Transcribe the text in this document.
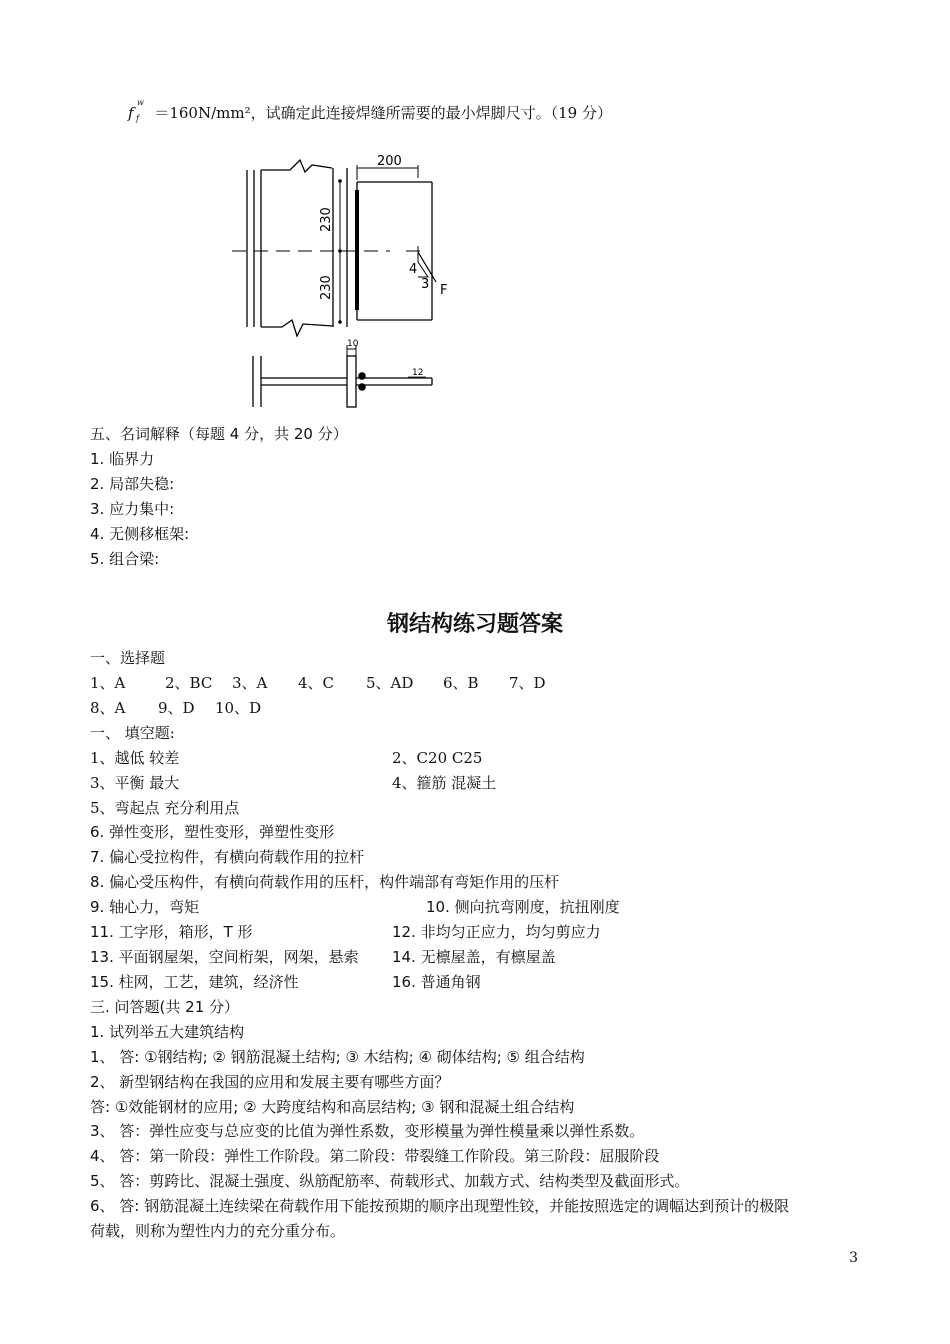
f
w
f ＝160N/mm²，试确定此连接焊缝所需要的最小焊脚尺寸。（19 分）
200
230
230
4
3 F
10
12
五、名词解释（每题 4 分，共 20 分）
1. 临界力
2. 局部失稳:
3. 应力集中:
4. 无侧移框架:
5. 组合梁:
钢结构练习题答案
一、选择题
1、A	2、BC 3、A 4、C 5、AD 6、B 7、D
8、A 9、D 10、D
一、 填空题:
1、越低 较差	2、C20 C25
3、平衡 最大	4、箍筋 混凝土
5、弯起点 充分利用点
6. 弹性变形，塑性变形，弹塑性变形
7. 偏心受拉构件，有横向荷载作用的拉杆
8. 偏心受压构件，有横向荷载作用的压杆，构件端部有弯矩作用的压杆
9. 轴心力，弯矩	10. 侧向抗弯刚度，抗扭刚度
11. 工字形，箱形，T 形	12. 非均匀正应力，均匀剪应力
13. 平面钢屋架，空间桁架，网架，悬索 14. 无檩屋盖，有檩屋盖
15. 柱网，工艺，建筑，经济性	16. 普通角钢
三. 问答题(共 21 分）
1. 试列举五大建筑结构
1、 答: ①钢结构; ② 钢筋混凝土结构; ③ 木结构; ④ 砌体结构; ⑤ 组合结构
2、 新型钢结构在我国的应用和发展主要有哪些方面？
答: ①效能钢材的应用; ② 大跨度结构和高层结构; ③ 钢和混凝土组合结构
3、 答：弹性应变与总应变的比值为弹性系数，变形模量为弹性模量乘以弹性系数。
4、 答：第一阶段：弹性工作阶段。第二阶段：带裂缝工作阶段。第三阶段：屈服阶段
5、 答：剪跨比、混凝土强度、纵筋配筋率、荷载形式、加载方式、结构类型及截面形式。
6、 答: 钢筋混凝土连续梁在荷载作用下能按预期的顺序出现塑性铰，并能按照选定的调幅达到预计的极限
荷载，则称为塑性内力的充分重分布。
3
